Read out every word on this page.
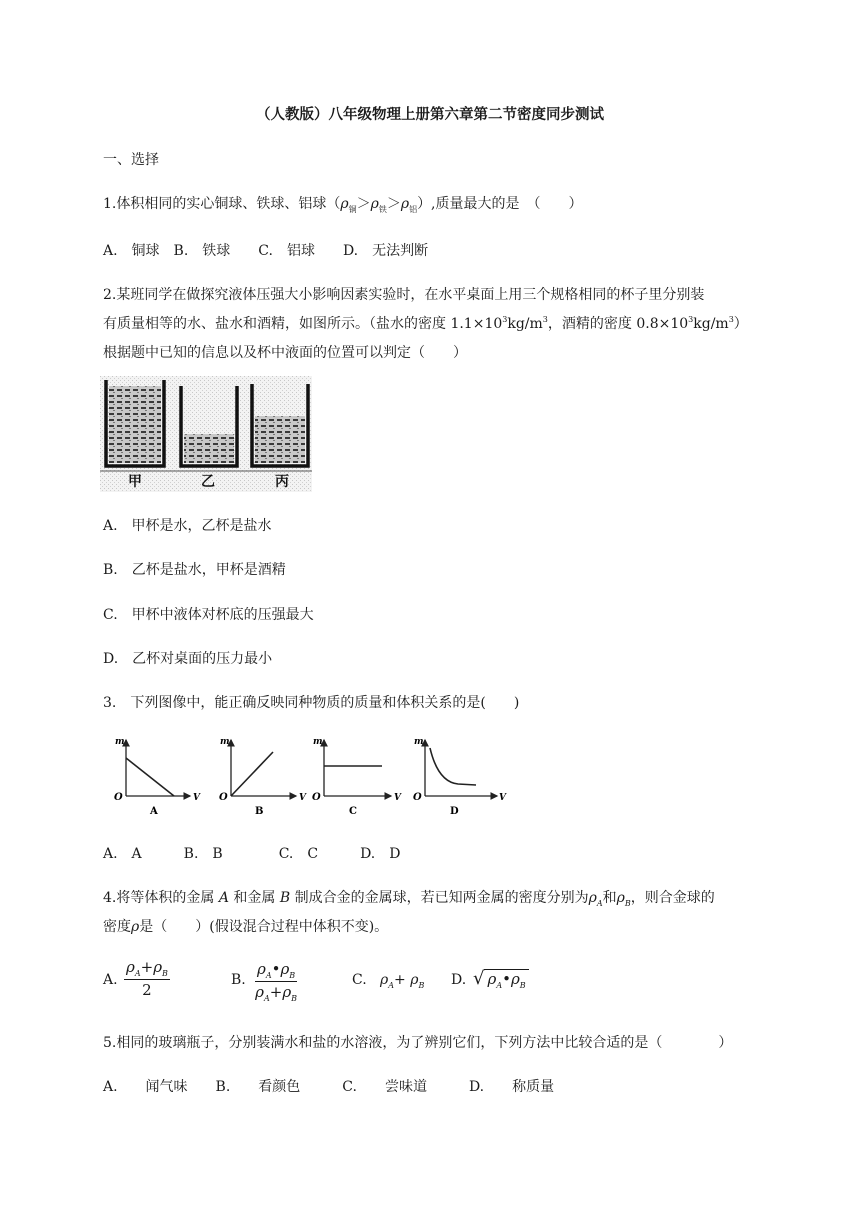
（人教版）八年级物理上册第六章第二节密度同步测试
一、选择
1.体积相同的实心铜球、铁球、铝球$(\rho_铜>\rho_铁>\rho_铝)$,质量最大的是　（　　）
A.　铜球　B.　铁球　　C.　铝球　　D.　无法判断
2.某班同学在做探究液体压强大小影响因素实验时，在水平桌面上用三个规格相同的杯子里分别装
有质量相等的水、盐水和酒精，如图所示。（盐水的密度 $1.1\times 10^3kg/m^3$，酒精的密度 $0.8\times 10^3kg/m^3$）
根据题中已知的信息以及杯中液面的位置可以判定（　　）
甲	乙	丙
A.　甲杯是水，乙杯是盐水
B.　乙杯是盐水，甲杯是酒精
C.　甲杯中液体对杯底的压强最大
D.　乙杯对桌面的压力最小
3.　下列图像中，能正确反映同种物质的质量和体积关系的是(　　)
m
V
O
A
m
V
O
B
m
V
O
C
m
V
O
D
A.　A　　　B.　B　　　　C.　C　　　D.　D
4.将等体积的金属 A 和金属 B 制成合金的金属球，若已知两金属的密度分别为$\rho_A$和$\rho_B$，则合金球的
密度ρ是（　　）(假设混合过程中体积不变)。
A. $\frac{\rho_A+\rho_B}{2}$	B. $\frac{\rho_A•\rho_B}{\rho_A+\rho_B}$	C. $\rho_A+ \rho_B$ D. √ $\rho_A•\rho_B$
5.相同的玻璃瓶子，分别装满水和盐的水溶液，为了辨别它们，下列方法中比较合适的是（　　　　）
A.　　闻气味　　B.　　看颜色　　　C.　　尝味道　　　D.　　称质量
